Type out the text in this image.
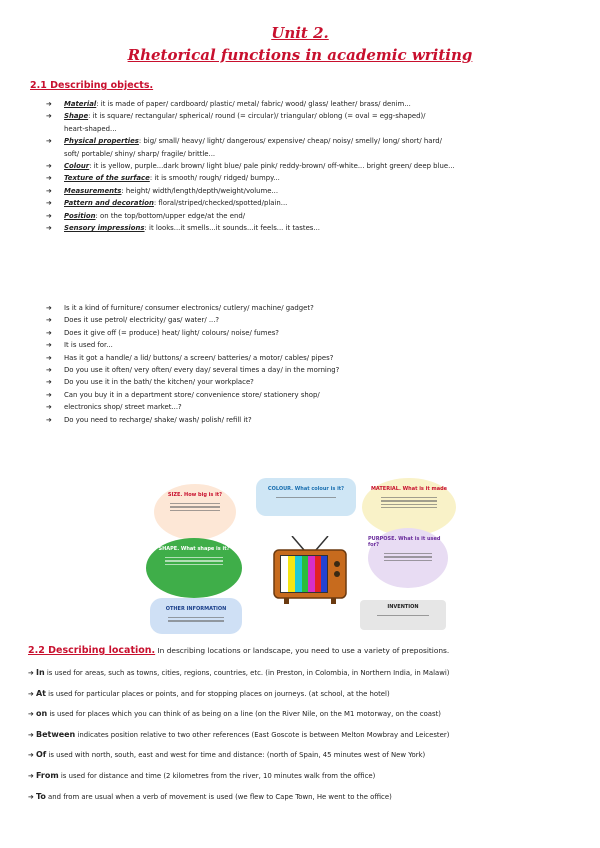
Unit 2.
Rhetorical functions in academic writing
2.1 Describing objects.
➔ Material: it is made of paper/ cardboard/ plastic/ metal/ fabric/ wood/ glass/ leather/ brass/ denim...
➔ Shape: it is square/ rectangular/ spherical/ round (= circular)/ triangular/ oblong (= oval = egg-shaped)/
heart-shaped...
➔ Physical properties: big/ small/ heavy/ light/ dangerous/ expensive/ cheap/ noisy/ smelly/ long/ short/ hard/
soft/ portable/ shiny/ sharp/ fragile/ brittle...
➔ Colour: it is yellow, purple...dark brown/ light blue/ pale pink/ reddy-brown/ off-white... bright green/ deep blue...
➔ Texture of the surface: it is smooth/ rough/ ridged/ bumpy...
➔ Measurements: height/ width/length/depth/weight/volume...
➔ Pattern and decoration: floral/striped/checked/spotted/plain...
➔ Position: on the top/bottom/upper edge/at the end/
➔ Sensory impressions: it looks...it smells...it sounds...it feels... it tastes...
➔ Is it a kind of furniture/ consumer electronics/ cutlery/ machine/ gadget?
➔ Does it use petrol/ electricity/ gas/ water/ ...?
➔ Does it give off (= produce) heat/ light/ colours/ noise/ fumes?
➔ It is used for...
➔ Has it got a handle/ a lid/ buttons/ a screen/ batteries/ a motor/ cables/ pipes?
➔ Do you use it often/ very often/ every day/ several times a day/ in the morning?
➔ Do you use it in the bath/ the kitchen/ your workplace?
➔ Can you buy it in a department store/ convenience store/ stationery shop/
➔ electronics shop/ street market...?
➔ Do you need to recharge/ shake/ wash/ polish/ refill it?
SIZE. How big is it?
COLOUR. What colour is it?	MATERIAL. What is it made
SHAPE. What shape is it?
PURPOSE. What is it used for?
OTHER INFORMATION	INVENTION
2.2 Describing location. In describing locations or landscape, you need to use a variety of prepositions.
➔ In is used for areas, such as towns, cities, regions, countries, etc. (in Preston, in Colombia, in Northern India, in Malawi)
➔ At is used for particular places or points, and for stopping places on journeys. (at school, at the hotel)
➔ on is used for places which you can think of as being on a line (on the River Nile, on the M1 motorway, on the coast)
➔ Between indicates position relative to two other references (East Goscote is between Melton Mowbray and Leicester)
➔ Of is used with north, south, east and west for time and distance: (north of Spain, 45 minutes west of New York)
➔ From is used for distance and time (2 kilometres from the river, 10 minutes walk from the office)
➔ To and from are usual when a verb of movement is used (we flew to Cape Town, He went to the office)
